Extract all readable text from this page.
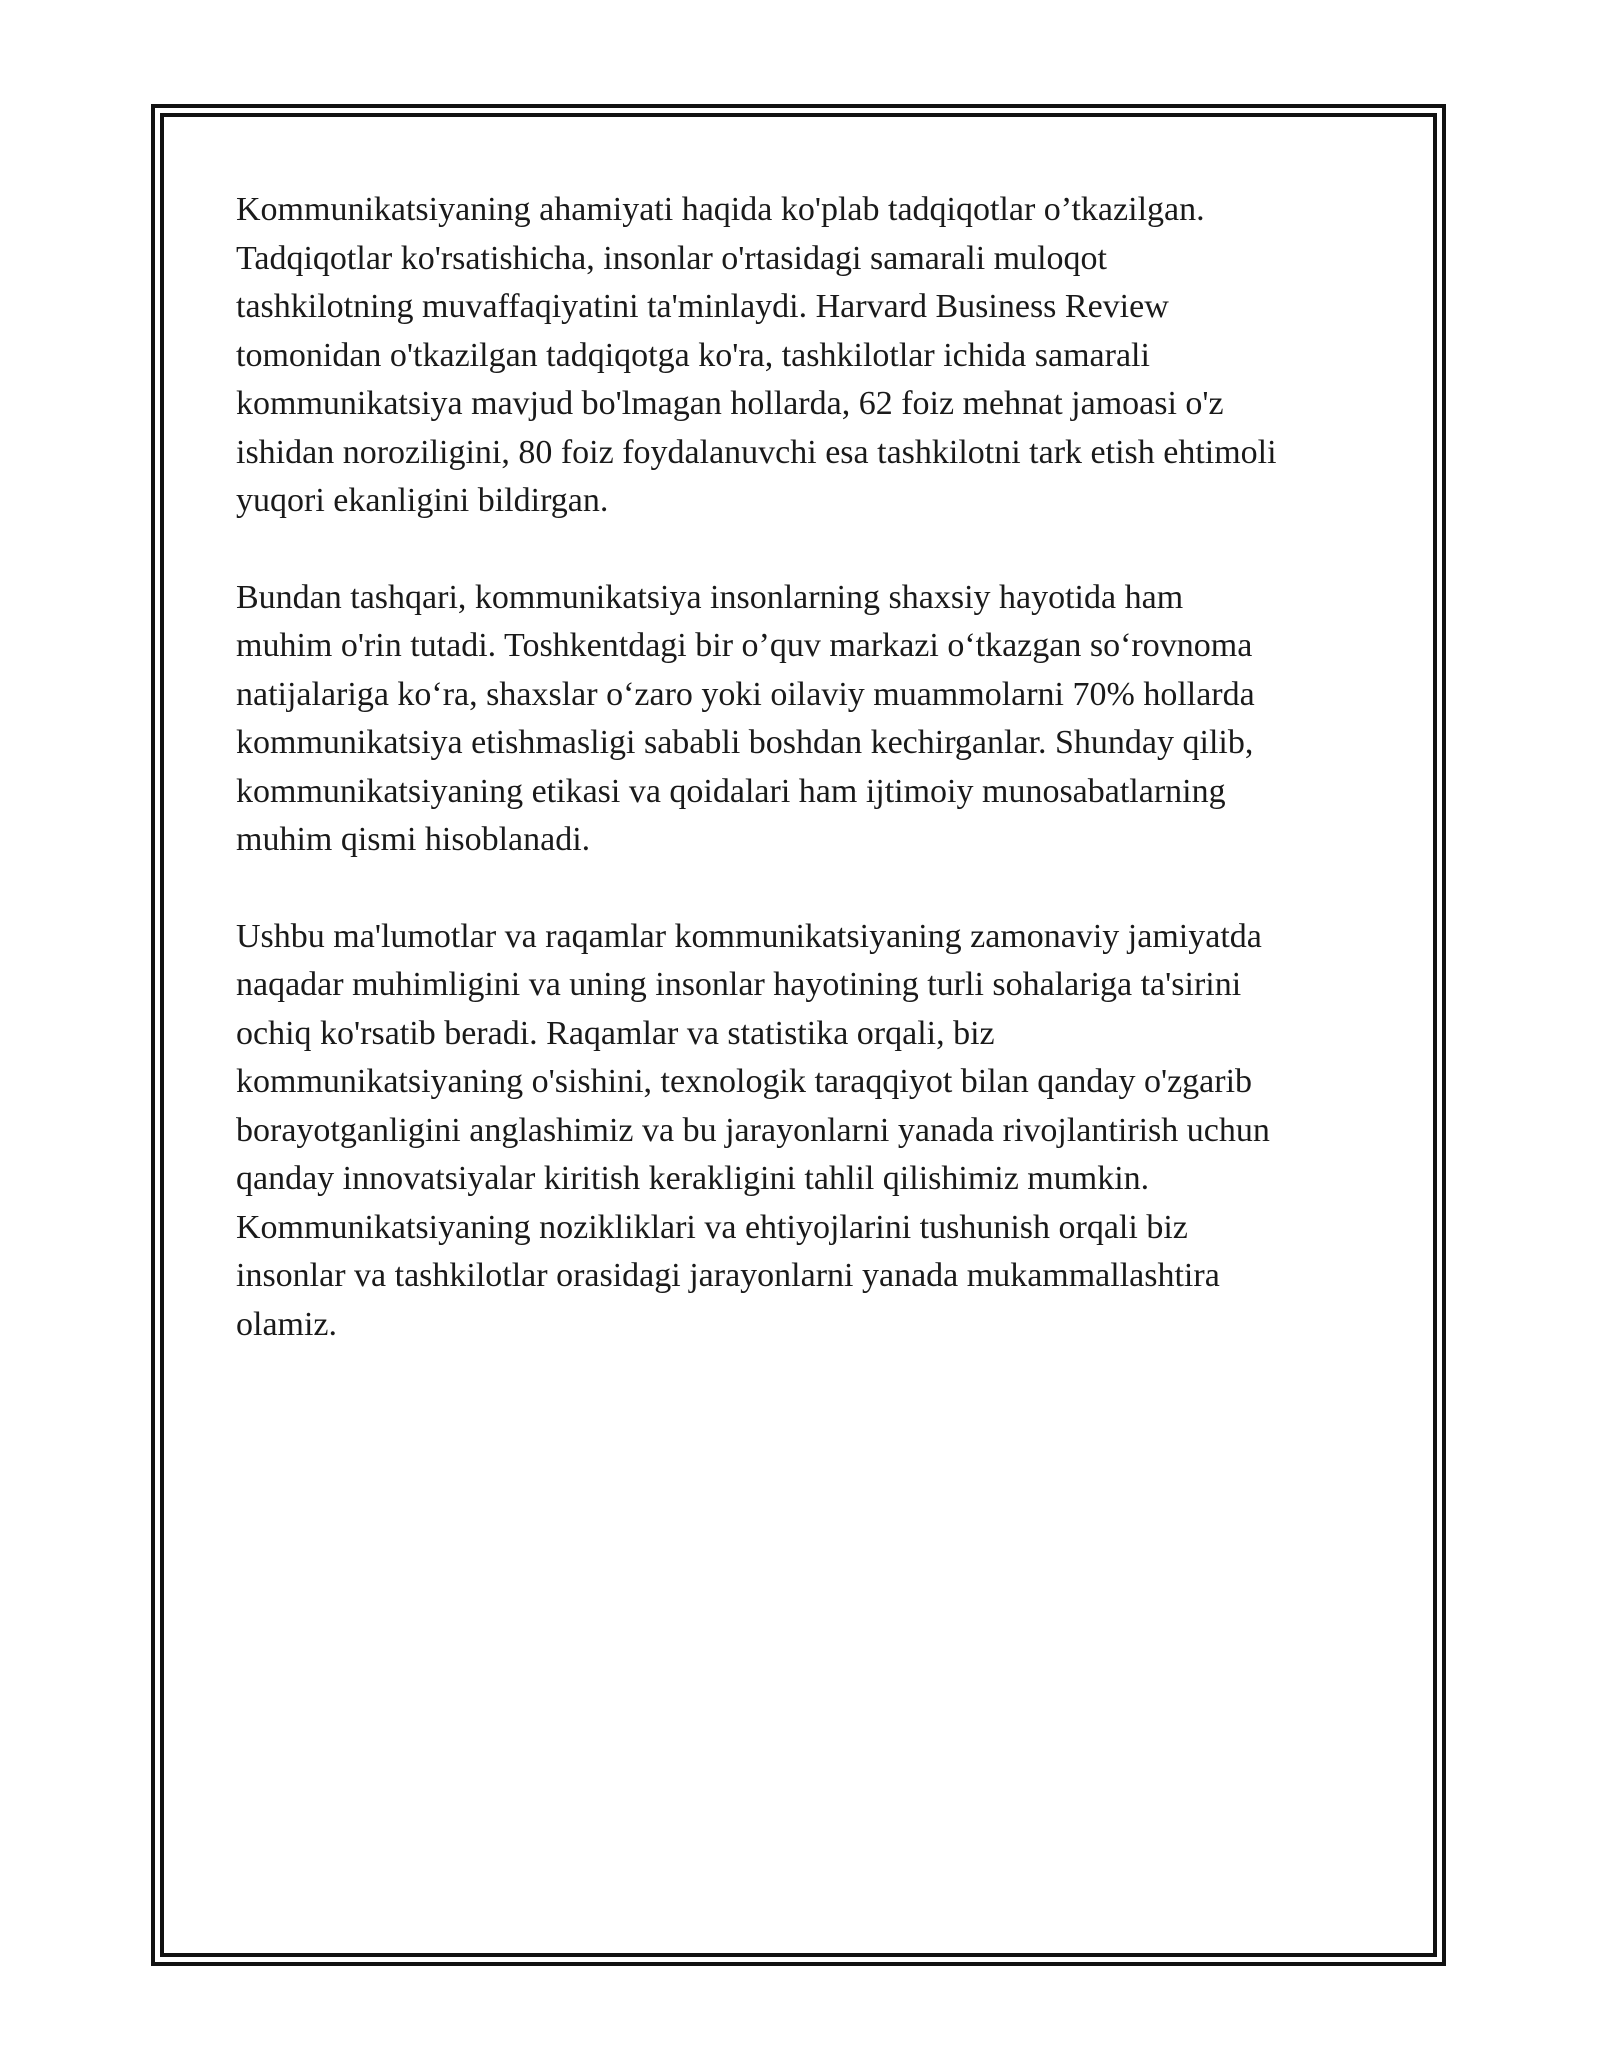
Kommunikatsiyaning ahamiyati haqida ko'plab tadqiqotlar o’tkazilgan.
Tadqiqotlar ko'rsatishicha, insonlar o'rtasidagi samarali muloqot
tashkilotning muvaffaqiyatini ta'minlaydi. Harvard Business Review
tomonidan o'tkazilgan tadqiqotga ko'ra, tashkilotlar ichida samarali
kommunikatsiya mavjud bo'lmagan hollarda, 62 foiz mehnat jamoasi o'z
ishidan noroziligini, 80 foiz foydalanuvchi esa tashkilotni tark etish ehtimoli
yuqori ekanligini bildirgan.

Bundan tashqari, kommunikatsiya insonlarning shaxsiy hayotida ham
muhim o'rin tutadi. Toshkentdagi bir o’quv markazi o‘tkazgan so‘rovnoma
natijalariga ko‘ra, shaxslar o‘zaro yoki oilaviy muammolarni 70% hollarda
kommunikatsiya etishmasligi sababli boshdan kechirganlar. Shunday qilib,
kommunikatsiyaning etikasi va qoidalari ham ijtimoiy munosabatlarning
muhim qismi hisoblanadi.

Ushbu ma'lumotlar va raqamlar kommunikatsiyaning zamonaviy jamiyatda
naqadar muhimligini va uning insonlar hayotining turli sohalariga ta'sirini
ochiq ko'rsatib beradi. Raqamlar va statistika orqali, biz
kommunikatsiyaning o'sishini, texnologik taraqqiyot bilan qanday o'zgarib
borayotganligini anglashimiz va bu jarayonlarni yanada rivojlantirish uchun
qanday innovatsiyalar kiritish kerakligini tahlil qilishimiz mumkin.
Kommunikatsiyaning nozikliklari va ehtiyojlarini tushunish orqali biz
insonlar va tashkilotlar orasidagi jarayonlarni yanada mukammallashtira
olamiz.
